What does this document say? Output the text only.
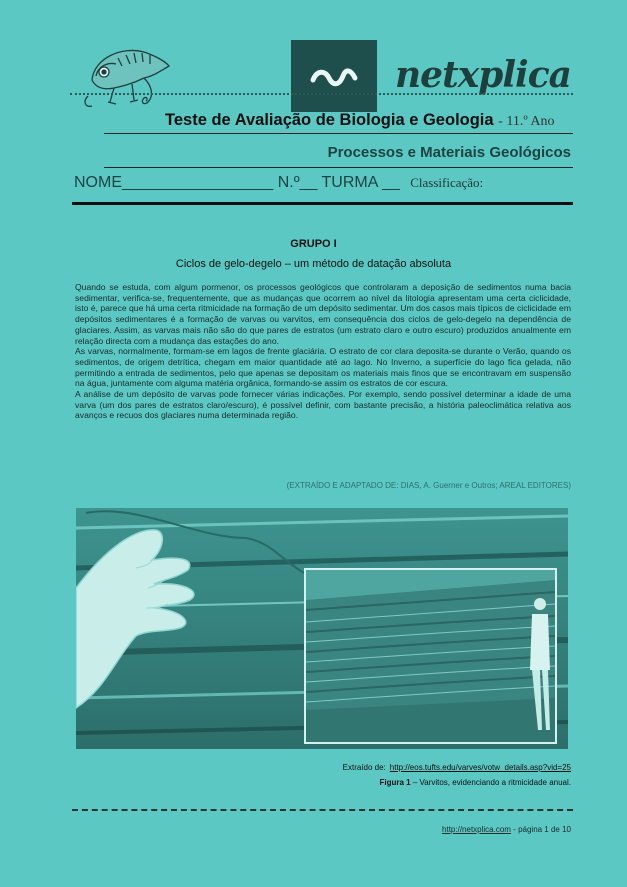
netxplica
Teste de Avaliação de Biologia e Geologia - 11.º Ano
Processos e Materiais Geológicos
NOME_________________ N.º__ TURMA __ Classificação:
GRUPO I
Ciclos de gelo-degelo – um método de datação absoluta

Quando se estuda, com algum pormenor, os processos geológicos que controlaram a deposição de sedimentos numa bacia sedimentar, verifica-se, frequentemente, que as mudanças que ocorrem ao nível da litologia apresentam uma certa ciclicidade, isto é, parece que há uma certa ritmicidade na formação de um depósito sedimentar. Um dos casos mais típicos de ciclicidade em depósitos sedimentares é a formação de varvas ou varvitos, em consequência dos ciclos de gelo-degelo na dependência de glaciares. Assim, as varvas mais não são do que pares de estratos (um estrato claro e outro escuro) produzidos anualmente em relação directa com a mudança das estações do ano.

As varvas, normalmente, formam-se em lagos de frente glaciária. O estrato de cor clara deposita-se durante o Verão, quando os sedimentos, de origem detrítica, chegam em maior quantidade até ao lago. No Inverno, a superfície do lago fica gelada, não permitindo a entrada de sedimentos, pelo que apenas se depositam os materiais mais finos que se encontravam em suspensão na água, juntamente com alguma matéria orgânica, formando-se assim os estratos de cor escura.

A análise de um depósito de varvas pode fornecer várias indicações. Por exemplo, sendo possível determinar a idade de uma varva (um dos pares de estratos claro/escuro), é possível definir, com bastante precisão, a história paleoclimática relativa aos avanços e recuos dos glaciares numa determinada região.

(EXTRAÍDO E ADAPTADO DE: DIAS, A. Guerner e Outros; AREAL EDITORES)
Extraído de: http://eos.tufts.edu/varves/votw_details.asp?vid=25
Figura 1 – Varvitos, evidenciando a ritmicidade anual.
http://netxplica.com - página 1 de 10
